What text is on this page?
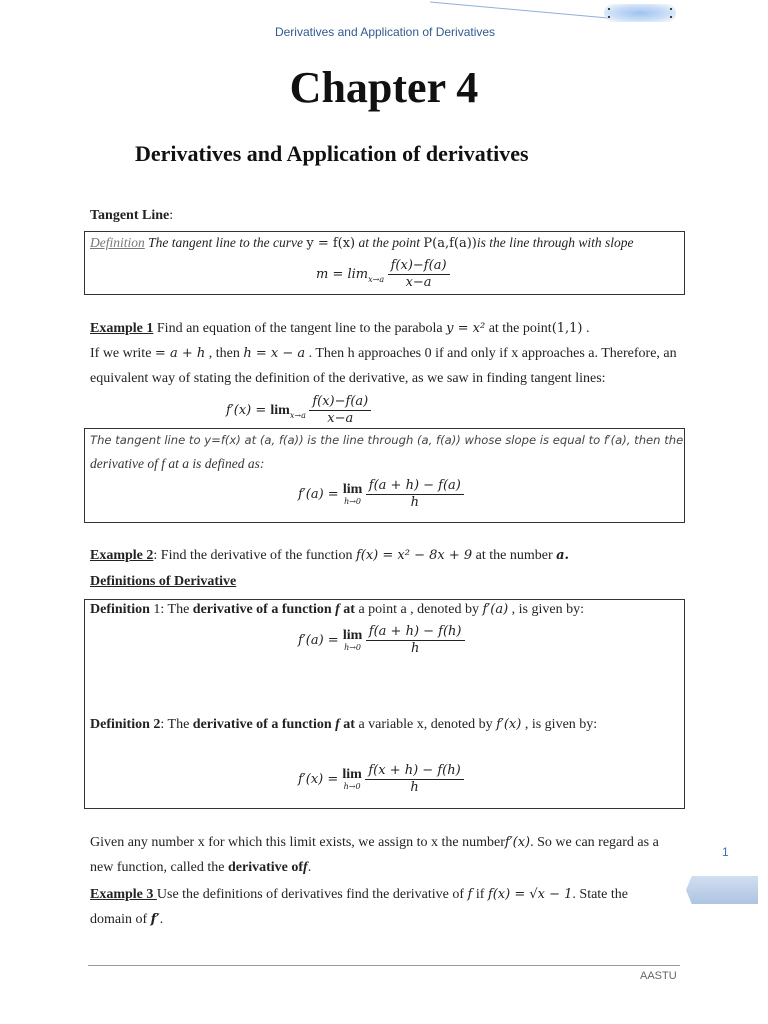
Derivatives and Application of Derivatives
Chapter 4
Derivatives and Application of derivatives
Tangent Line:
Definition The tangent line to the curve y = f(x) at the point P(a,f(a))is the line through with slope
$m = \lim_{x\to a} \frac{f(x)-f(a)}{x-a}$
Example 1 Find an equation of the tangent line to the parabola y = x² at the point(1,1) .
If we write = a + h , then h = x − a . Then h approaches 0 if and only if x approaches a. Therefore, an
equivalent way of stating the definition of the derivative, as we saw in finding tangent lines:
$f'(x) = \lim_{x\to a} \frac{f(x)-f(a)}{x-a}$
The tangent line to y=f(x) at (a, f(a)) is the line through (a, f(a)) whose slope is equal to f′(a), then the
derivative of f at a is defined as:
f′(a) = lim
h→0
$\frac{f(a + h) - f(a)}{h}$
Example 2: Find the derivative of the function f(x) = x² − 8x + 9 at the number a.
Definitions of Derivative
Definition 1: The derivative of a function f at a point a , denoted by f′(a) , is given by:
f′(a) = lim
h→0
$\frac{f(a + h) - f(h)}{h}$
Definition 2: The derivative of a function f at a variable x, denoted by f′(x) , is given by:
f′(x) = lim
h→0
$\frac{f(x + h) - f(h)}{h}$
Given any number x for which this limit exists, we assign to x the numberf′(x). So we can regard as a
new function, called the derivative off.
Example 3 Use the definitions of derivatives find the derivative of f if f(x) = √x − 1. State the
domain of f′.
1
AASTU
